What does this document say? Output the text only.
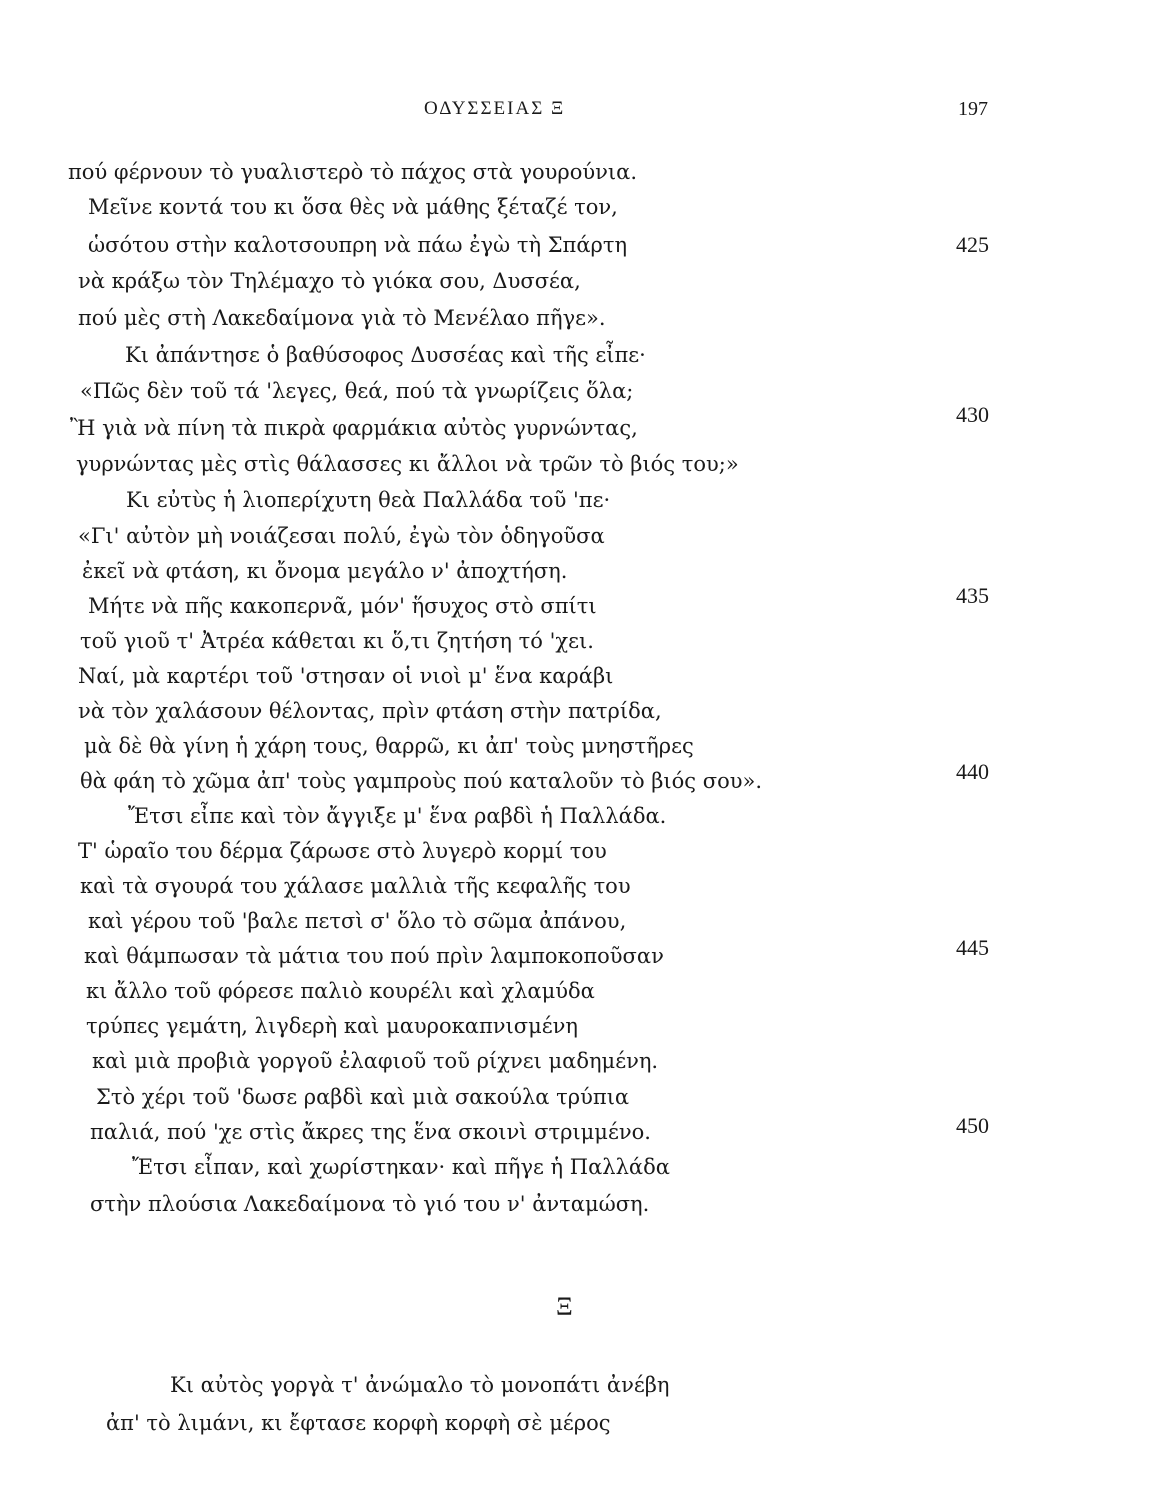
ΟΔΥΣΣΕΙΑΣ Ξ	197
πού φέρνουν τὸ γυαλιστερὸ τὸ πάχος στὰ γουρούνια.
Μεῖνε κοντά του κι ὅσα θὲς νὰ μάθης ξέταζέ τον,
ὡσότου στὴν καλοτσουπρη νὰ πάω ἐγὼ τὴ Σπάρτη
νὰ κράξω τὸν Τηλέμαχο τὸ γιόκα σου, Δυσσέα,
πού μὲς στὴ Λακεδαίμονα γιὰ τὸ Μενέλαο πῆγε».
Κι ἀπάντησε ὁ βαθύσοφος Δυσσέας καὶ τῆς εἶπε·
«Πῶς δὲν τοῦ τά 'λεγες, θεά, πού τὰ γνωρίζεις ὅλα;
Ἢ γιὰ νὰ πίνη τὰ πικρὰ φαρμάκια αὐτὸς γυρνώντας,
γυρνώντας μὲς στὶς θάλασσες κι ἄλλοι νὰ τρῶν τὸ βιός του;»
Κι εὐτὺς ἡ λιοπερίχυτη θεὰ Παλλάδα τοῦ 'πε·
«Γι' αὐτὸν μὴ νοιάζεσαι πολύ, ἐγὼ τὸν ὁδηγοῦσα
ἐκεῖ νὰ φτάση, κι ὄνομα μεγάλο ν' ἀποχτήση.
Μήτε νὰ πῆς κακοπερνᾶ, μόν' ἥσυχος στὸ σπίτι
τοῦ γιοῦ τ' Ἀτρέα κάθεται κι ὅ,τι ζητήση τό 'χει.
Ναί, μὰ καρτέρι τοῦ 'στησαν οἱ νιοὶ μ' ἕνα καράβι
νὰ τὸν χαλάσουν θέλοντας, πρὶν φτάση στὴν πατρίδα,
μὰ δὲ θὰ γίνη ἡ χάρη τους, θαρρῶ, κι ἀπ' τοὺς μνηστῆρες
θὰ φάη τὸ χῶμα ἀπ' τοὺς γαμπροὺς πού καταλοῦν τὸ βιός σου».
Ἔτσι εἶπε καὶ τὸν ἄγγιξε μ' ἕνα ραβδὶ ἡ Παλλάδα.
Τ' ὡραῖο του δέρμα ζάρωσε στὸ λυγερὸ κορμί του
καὶ τὰ σγουρά του χάλασε μαλλιὰ τῆς κεφαλῆς του
καὶ γέρου τοῦ 'βαλε πετσὶ σ' ὅλο τὸ σῶμα ἀπάνου,
καὶ θάμπωσαν τὰ μάτια του πού πρὶν λαμποκοποῦσαν
κι ἄλλο τοῦ φόρεσε παλιὸ κουρέλι καὶ χλαμύδα
τρύπες γεμάτη, λιγδερὴ καὶ μαυροκαπνισμένη
καὶ μιὰ προβιὰ γοργοῦ ἐλαφιοῦ τοῦ ρίχνει μαδημένη.
Στὸ χέρι τοῦ 'δωσε ραβδὶ καὶ μιὰ σακούλα τρύπια
παλιά, πού 'χε στὶς ἄκρες της ἕνα σκοινὶ στριμμένο.
Ἔτσι εἶπαν, καὶ χωρίστηκαν· καὶ πῆγε ἡ Παλλάδα
στὴν πλούσια Λακεδαίμονα τὸ γιό του ν' ἀνταμώση.
425
430
435
440
445
450
Ξ
Κι αὐτὸς γοργὰ τ' ἀνώμαλο τὸ μονοπάτι ἀνέβη
ἀπ' τὸ λιμάνι, κι ἔφτασε κορφὴ κορφὴ σὲ μέρος
